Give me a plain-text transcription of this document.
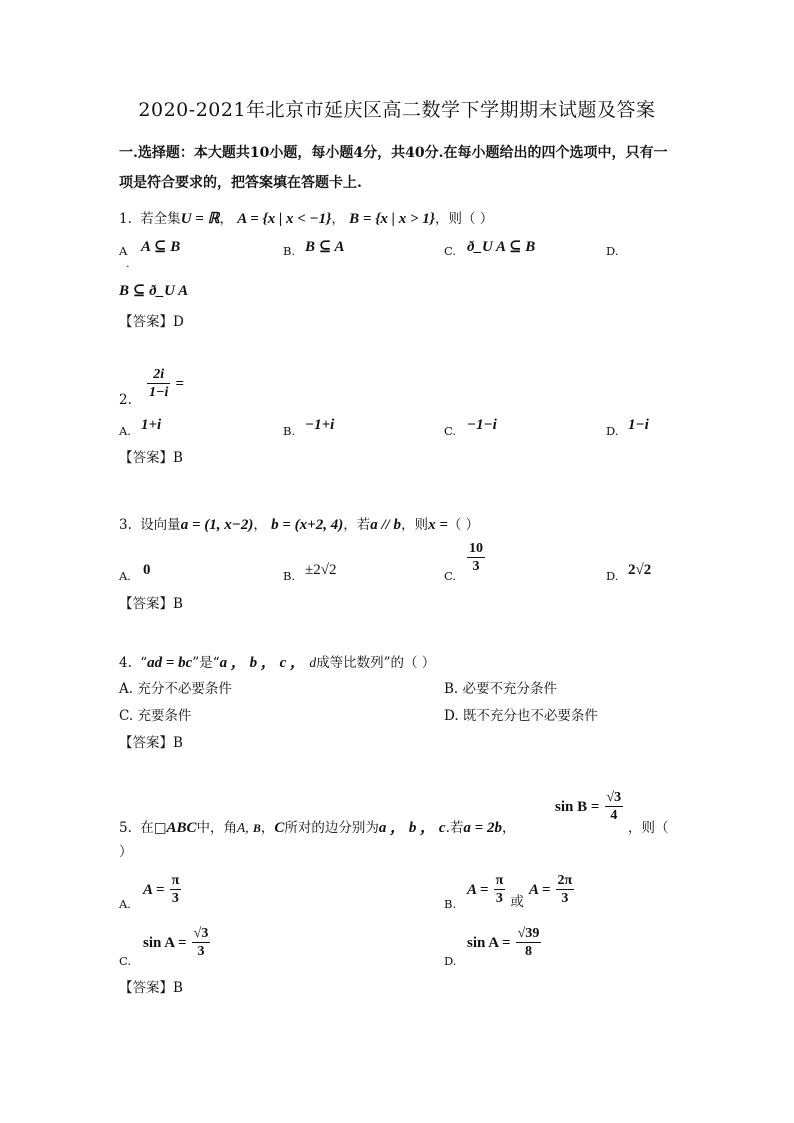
2020-2021年北京市延庆区高二数学下学期期末试题及答案
一.选择题：本大题共10小题，每小题4分，共40分.在每小题给出的四个选项中，只有一项是符合要求的，把答案填在答题卡上.
1. 若全集U = ℝ， A = {x | x < −1}， B = {x | x > 1}，则（ ）
A
.
A ⊆ B	B. B ⊆ A	C. ð_U A ⊆ B	D.
B ⊆ ð_U A
【答案】D
$\frac{2i}{1-i}$ =
2.
A. 1+i	B. −1+i	C. −1−i	D. 1−i
【答案】B
3. 设向量a = (1, x−2)， b = (x+2, 4)，若a // b，则x =（ ）
A. 0	B. ±2√2	C.
$\frac{10}{3}$
D. 2√2
【答案】B
4. “ad = bc”是“a ， b ， c ， d成等比数列”的（ ）
A. 充分不必要条件	B. 必要不充分条件
C. 充要条件	D. 既不充分也不必要条件
【答案】B
5. 在□ABC中，角A, B，C所对的边分别为a ， b ， c.若a = 2b，
$\sin B = \frac{√3}{4}$
，则（
）
A.
$A = \frac{\pi}{3}$	B.
$A = \frac{\pi}{3} _或$ $A = \frac{2\pi}{3}$
C.
$\sin A = \frac{√3}{3}$
D.
$\sin A = \frac{√39}{8}$
【答案】B
